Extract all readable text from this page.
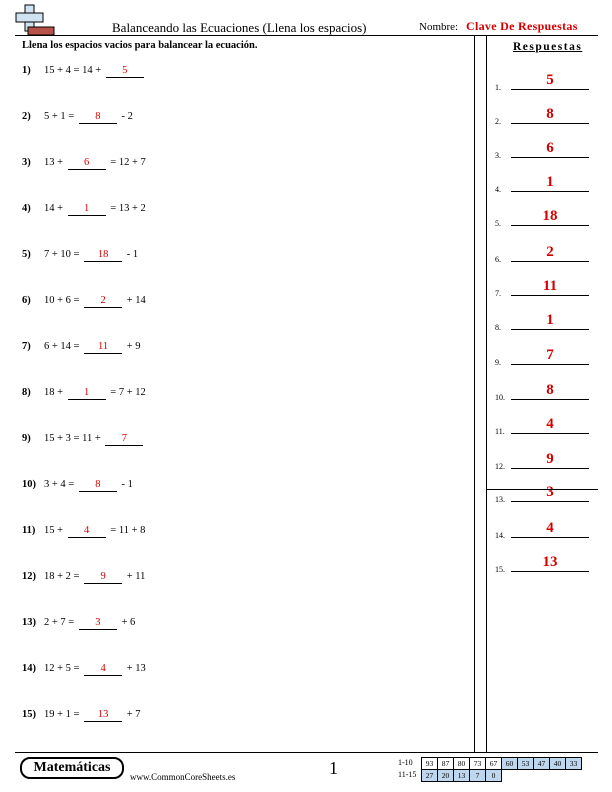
Balanceando las Ecuaciones (Llena los espacios)	Nombre: Clave De Respuestas
Llena los espacios vacios para balancear la ecuación.
1) 15 + 4 = 14 + 5
2) 5 + 1 = 8 - 2
3) 13 + 6 = 12 + 7
4) 14 + 1 = 13 + 2
5) 7 + 10 = 18 - 1
6) 10 + 6 = 2 + 14
7) 6 + 14 = 11 + 9
8) 18 + 1 = 7 + 12
9) 15 + 3 = 11 + 7
10) 3 + 4 = 8 - 1
11) 15 + 4 = 11 + 8
12) 18 + 2 = 9 + 11
13) 2 + 7 = 3 + 6
14) 12 + 5 = 4 + 13
15) 19 + 1 = 13 + 7
Respuestas
1.	5
2.	8
3.	6
4.	1
5.	18
6.	2
7.	11
8.	1
9.	7
10.	8
11.	4
12.	9
13.	3
14.	4
15.	13
Matemáticas
www.CommonCoreSheets.es	1	1-10 93 87 80 73 67 60 53 47 40 33
11-15 27 20 13 7 0
